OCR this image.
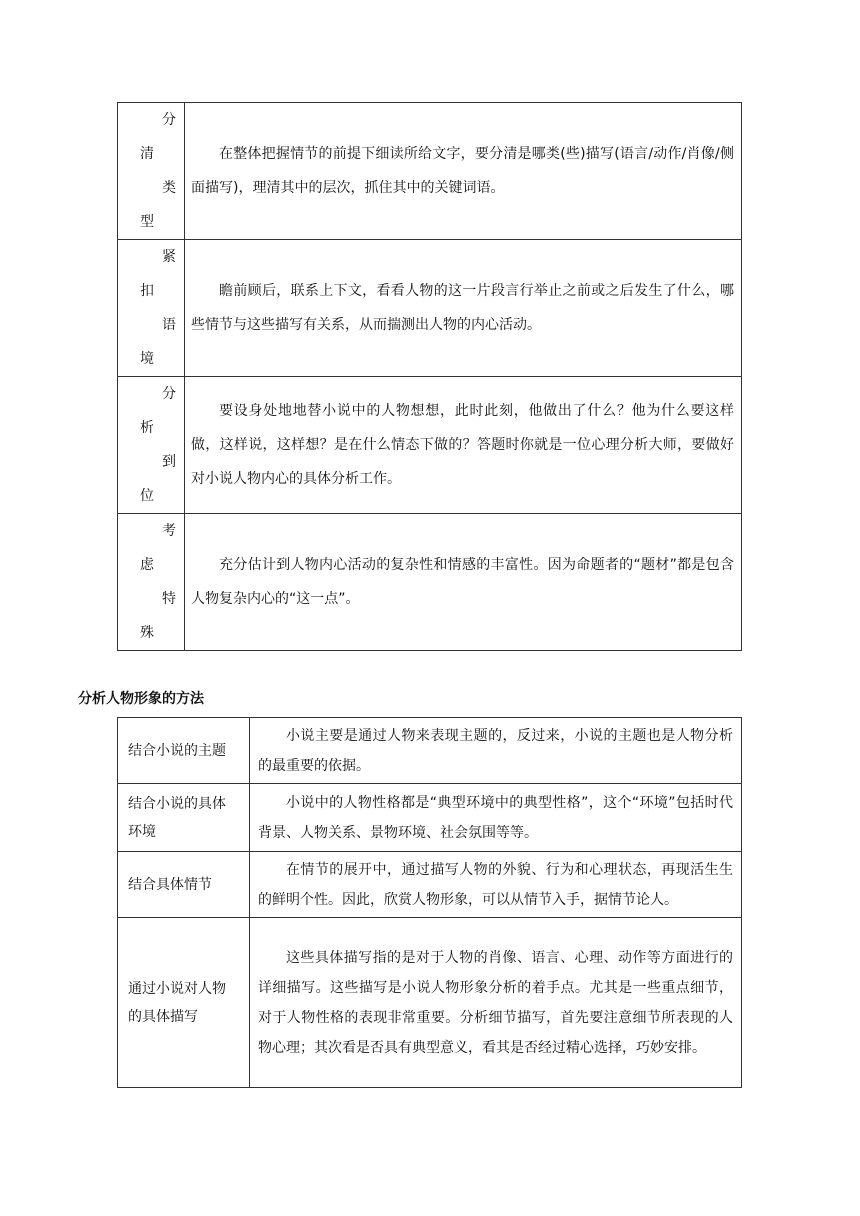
分
清
类
型	在整体把握情节的前提下细读所给文字，要分清是哪类(些)描写(语言/动作/肖像/侧面描写)，理清其中的层次，抓住其中的关键词语。

紧
扣
语
境	瞻前顾后，联系上下文，看看人物的这一片段言行举止之前或之后发生了什么，哪些情节与这些描写有关系，从而揣测出人物的内心活动。

分
析
到
位	要设身处地地替小说中的人物想想，此时此刻，他做出了什么？他为什么要这样做，这样说，这样想？是在什么情态下做的？答题时你就是一位心理分析大师，要做好对小说人物内心的具体分析工作。

考
虑
特
殊	充分估计到人物内心活动的复杂性和情感的丰富性。因为命题者的“题材”都是包含人物复杂内心的“这一点”。

分析人物形象的方法

结合小说的主题	小说主要是通过人物来表现主题的，反过来，小说的主题也是人物分析的最重要的依据。

结合小说的具体环境	小说中的人物性格都是“典型环境中的典型性格”，这个“环境”包括时代背景、人物关系、景物环境、社会氛围等等。

结合具体情节	在情节的展开中，通过描写人物的外貌、行为和心理状态，再现活生生的鲜明个性。因此，欣赏人物形象，可以从情节入手，据情节论人。

通过小说对人物的具体描写	这些具体描写指的是对于人物的肖像、语言、心理、动作等方面进行的详细描写。这些描写是小说人物形象分析的着手点。尤其是一些重点细节，对于人物性格的表现非常重要。分析细节描写，首先要注意细节所表现的人物心理；其次看是否具有典型意义，看其是否经过精心选择，巧妙安排。
